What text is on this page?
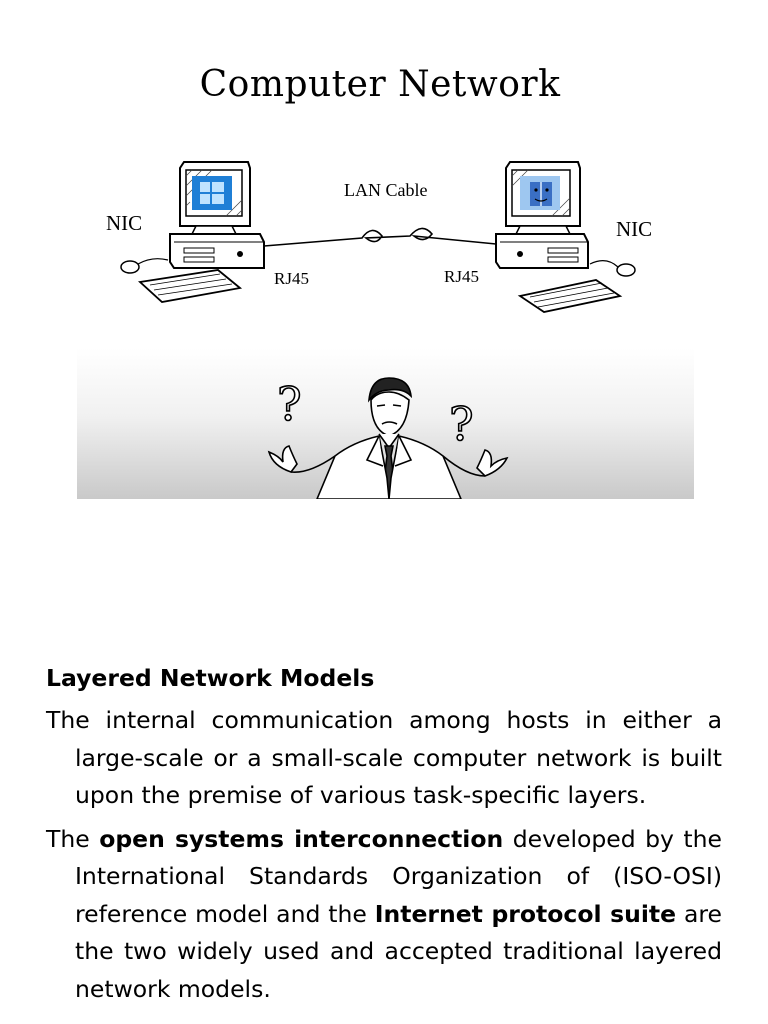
Computer Network
NIC	NIC
LAN Cable
RJ45	RJ45
?	?
Layered Network Models

The internal communication among hosts in either a large-scale or a small-scale computer network is built upon the premise of various task-specific layers.

The open systems interconnection developed by the International Standards Organization of (ISO-OSI) reference model and the Internet protocol suite are the two widely used and accepted traditional layered network models.
